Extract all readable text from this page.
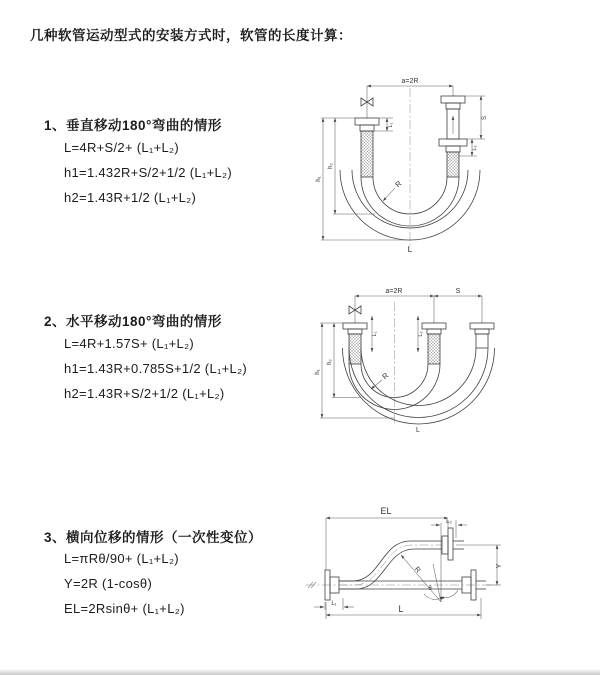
几种软管运动型式的安装方式时，软管的长度计算：
1、垂直移动180°弯曲的情形
L=4R+S/2+ (L₁+L₂)
h1=1.432R+S/2+1/2 (L₁+L₂)
h2=1.43R+1/2 (L₁+L₂)
2、水平移动180°弯曲的情形
L=4R+1.57S+ (L₁+L₂)
h1=1.43R+0.785S+1/2 (L₁+L₂)
h2=1.43R+S/2+1/2 (L₁+L₂)
3、横向位移的情形（一次性变位）
L=πRθ/90+ (L₁+L₂)
Y=2R (1-cosθ)
EL=2Rsinθ+ (L₁+L₂)
a=2R
h₁
h₂
L₁
S
L₂
R
L
a=2R	S
h₁
h₂
L₁	L₂
R
L
EL
L₂
Y
R
θ
L₁	L
